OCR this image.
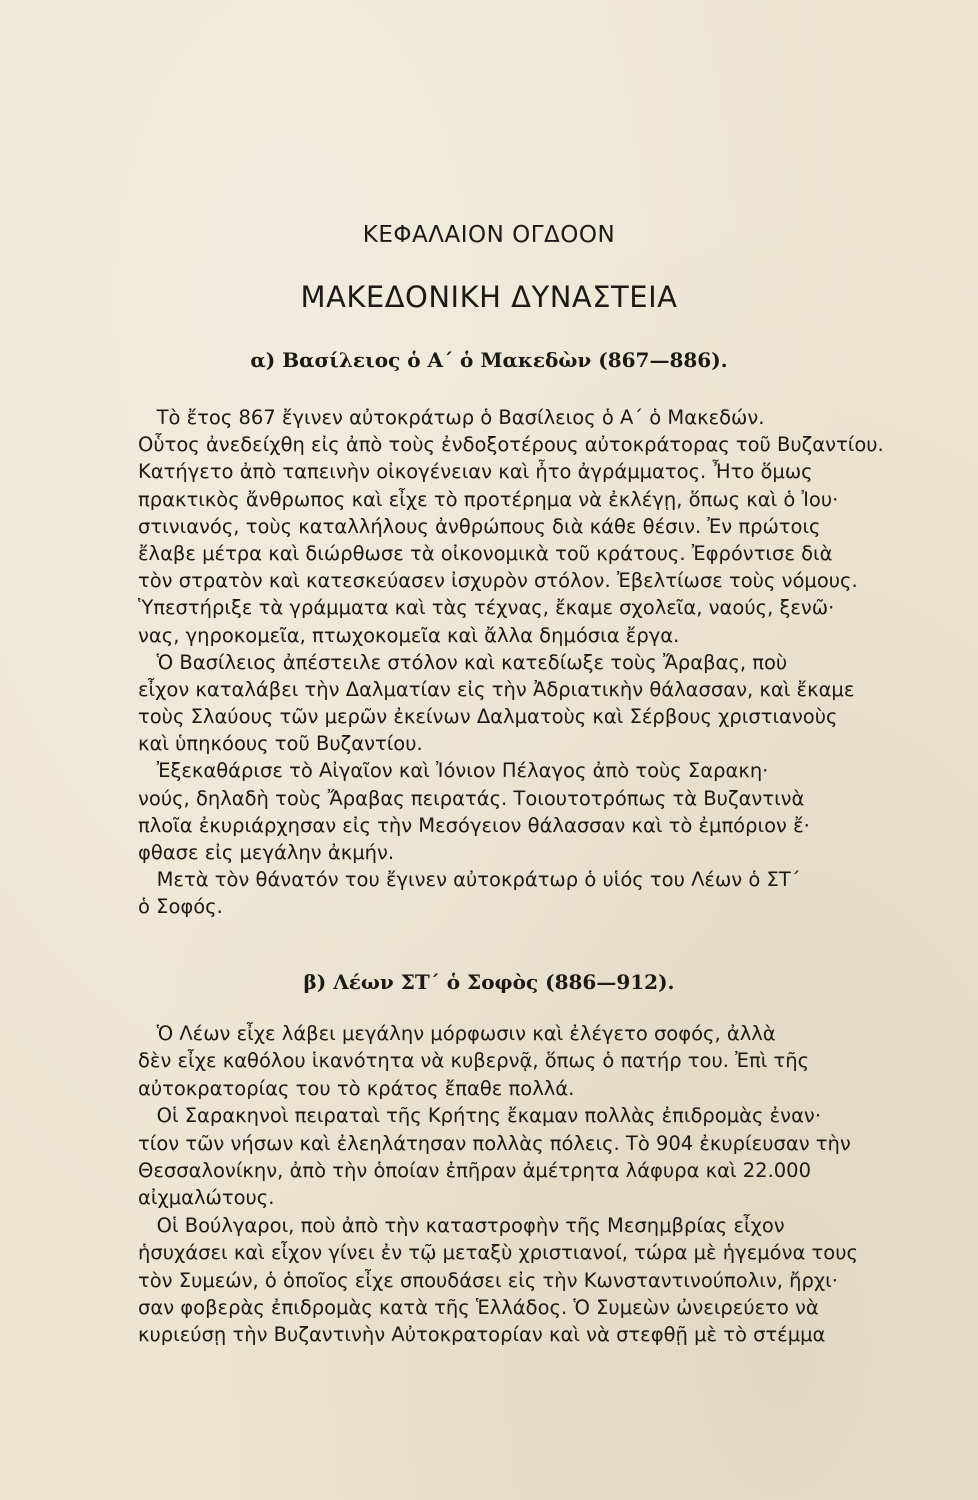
ΚΕΦΑΛΑΙΟΝ ΟΓΔΟΟΝ
ΜΑΚΕΔΟΝΙΚΗ ΔΥΝΑΣΤΕΙΑ
α) Βασίλειος ὁ Α΄ ὁ Μακεδὼν (867—886).
Τὸ ἔτος 867 ἔγινεν αὐτοκράτωρ ὁ Βασίλειος ὁ Α΄ ὁ Μακεδών.
Οὗτος ἀνεδείχθη εἰς ἀπὸ τοὺς ἐνδοξοτέρους αὐτοκράτορας τοῦ Βυζαντίου.
Κατήγετο ἀπὸ ταπεινὴν οἰκογένειαν καὶ ἦτο ἀγράμματος. Ἦτο ὅμως
πρακτικὸς ἄνθρωπος καὶ εἶχε τὸ προτέρημα νὰ ἐκλέγῃ, ὅπως καὶ ὁ Ἰου·
στινιανός, τοὺς καταλλήλους ἀνθρώπους διὰ κάθε θέσιν. Ἐν πρώτοις
ἔλαβε μέτρα καὶ διώρθωσε τὰ οἰκονομικὰ τοῦ κράτους. Ἐφρόντισε διὰ
τὸν στρατὸν καὶ κατεσκεύασεν ἰσχυρὸν στόλον. Ἐβελτίωσε τοὺς νόμους.
Ὑπεστήριξε τὰ γράμματα καὶ τὰς τέχνας, ἔκαμε σχολεῖα, ναούς, ξενῶ·
νας, γηροκομεῖα, πτωχοκομεῖα καὶ ἄλλα δημόσια ἔργα.
Ὁ Βασίλειος ἀπέστειλε στόλον καὶ κατεδίωξε τοὺς Ἄραβας, ποὺ
εἶχον καταλάβει τὴν Δαλματίαν εἰς τὴν Ἀδριατικὴν θάλασσαν, καὶ ἔκαμε
τοὺς Σλαύους τῶν μερῶν ἐκείνων Δαλματοὺς καὶ Σέρβους χριστιανοὺς
καὶ ὑπηκόους τοῦ Βυζαντίου.
Ἐξεκαθάρισε τὸ Αἰγαῖον καὶ Ἰόνιον Πέλαγος ἀπὸ τοὺς Σαρακη·
νούς, δηλαδὴ τοὺς Ἄραβας πειρατάς. Τοιουτοτρόπως τὰ Βυζαντινὰ
πλοῖα ἐκυριάρχησαν εἰς τὴν Μεσόγειον θάλασσαν καὶ τὸ ἐμπόριον ἔ·
φθασε εἰς μεγάλην ἀκμήν.
Μετὰ τὸν θάνατόν του ἔγινεν αὐτοκράτωρ ὁ υἱός του Λέων ὁ ΣΤ΄
ὁ Σοφός.
β) Λέων ΣΤ΄ ὁ Σοφὸς (886—912).
Ὁ Λέων εἶχε λάβει μεγάλην μόρφωσιν καὶ ἐλέγετο σοφός, ἀλλὰ
δὲν εἶχε καθόλου ἱκανότητα νὰ κυβερνᾷ, ὅπως ὁ πατήρ του. Ἐπὶ τῆς
αὐτοκρατορίας του τὸ κράτος ἔπαθε πολλά.
Οἱ Σαρακηνοὶ πειραταὶ τῆς Κρήτης ἔκαμαν πολλὰς ἐπιδρομὰς ἐναν·
τίον τῶν νήσων καὶ ἐλεηλάτησαν πολλὰς πόλεις. Τὸ 904 ἐκυρίευσαν τὴν
Θεσσαλονίκην, ἀπὸ τὴν ὁποίαν ἐπῆραν ἀμέτρητα λάφυρα καὶ 22.000
αἰχμαλώτους.
Οἱ Βούλγαροι, ποὺ ἀπὸ τὴν καταστροφὴν τῆς Μεσημβρίας εἶχον
ἡσυχάσει καὶ εἶχον γίνει ἐν τῷ μεταξὺ χριστιανοί, τώρα μὲ ἡγεμόνα τους
τὸν Συμεών, ὁ ὁποῖος εἶχε σπουδάσει εἰς τὴν Κωνσταντινούπολιν, ἤρχι·
σαν φοβερὰς ἐπιδρομὰς κατὰ τῆς Ἑλλάδος. Ὁ Συμεὼν ὠνειρεύετο νὰ
κυριεύσῃ τὴν Βυζαντινὴν Αὐτοκρατορίαν καὶ νὰ στεφθῇ μὲ τὸ στέμμα
